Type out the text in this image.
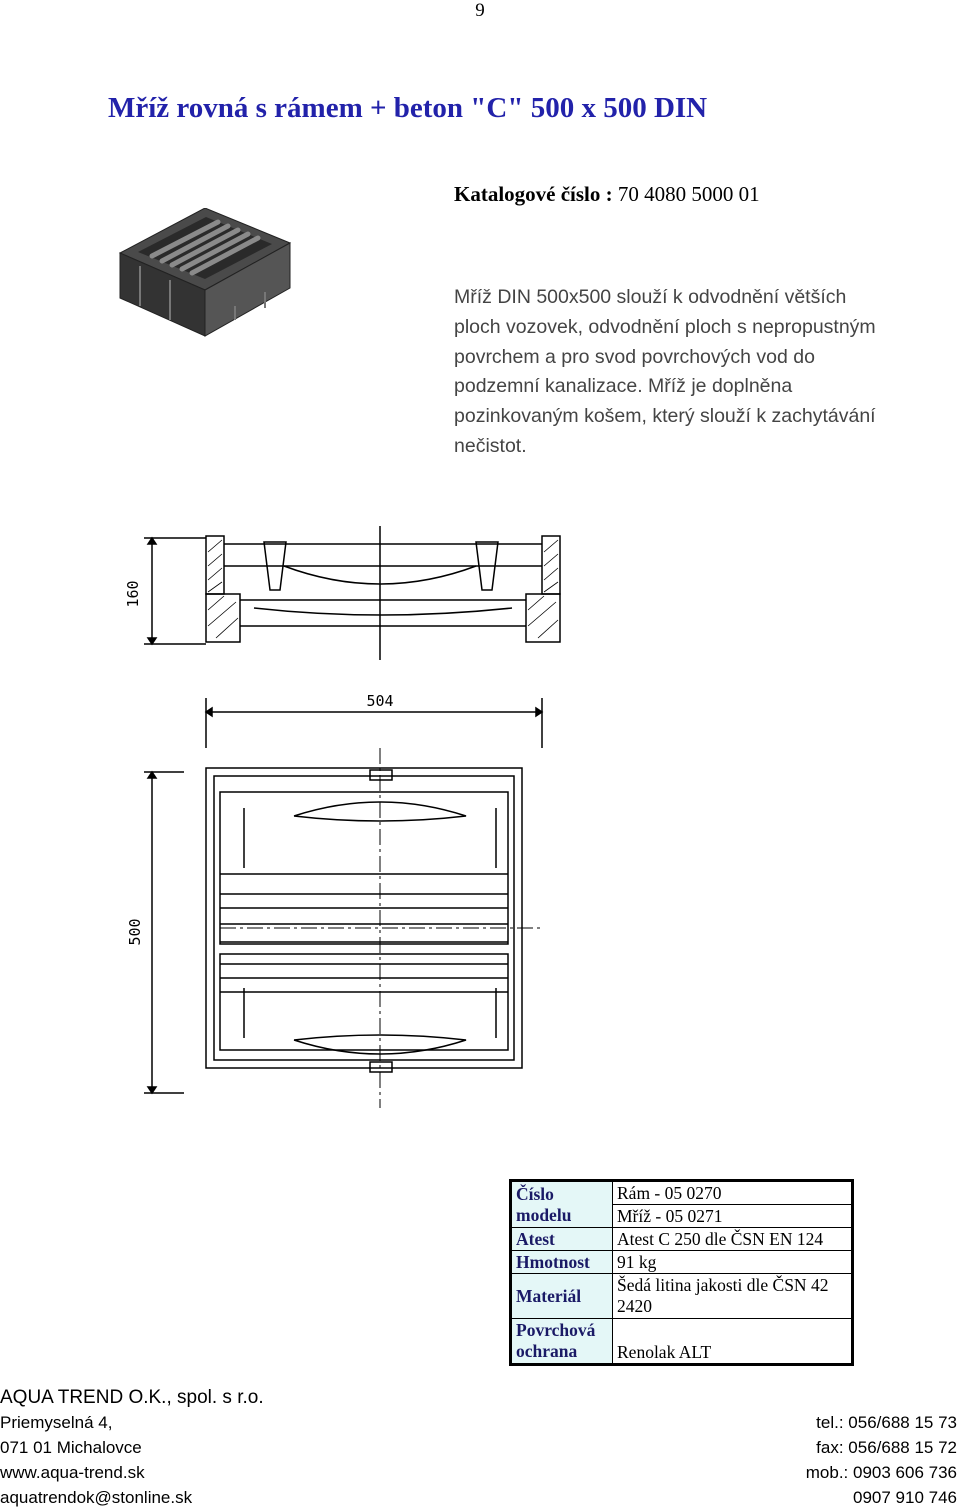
9
Mříž rovná s rámem + beton "C" 500 x 500 DIN
Katalogové číslo : 70 4080 5000 01
Mříž DIN 500x500 slouží k odvodnění větších ploch vozovek, odvodnění ploch s nepropustným povrchem a pro svod povrchových vod do podzemní kanalizace. Mříž je doplněna pozinkovaným košem, který slouží k zachytávání nečistot.
160
504
500
Číslo modelu	Rám - 05 0270
	Mříž - 05 0271
Atest	Atest C 250 dle ČSN EN 124
Hmotnost	91 kg
Materiál	Šedá litina jakosti dle ČSN 42 2420
Povrchová ochrana	Renolak ALT
AQUA TREND O.K., spol. s r.o.
Priemyselná 4,
071 01 Michalovce
www.aqua-trend.sk
aquatrendok@stonline.sk
tel.: 056/688 15 73
fax: 056/688 15 72
mob.: 0903 606 736
0907 910 746
